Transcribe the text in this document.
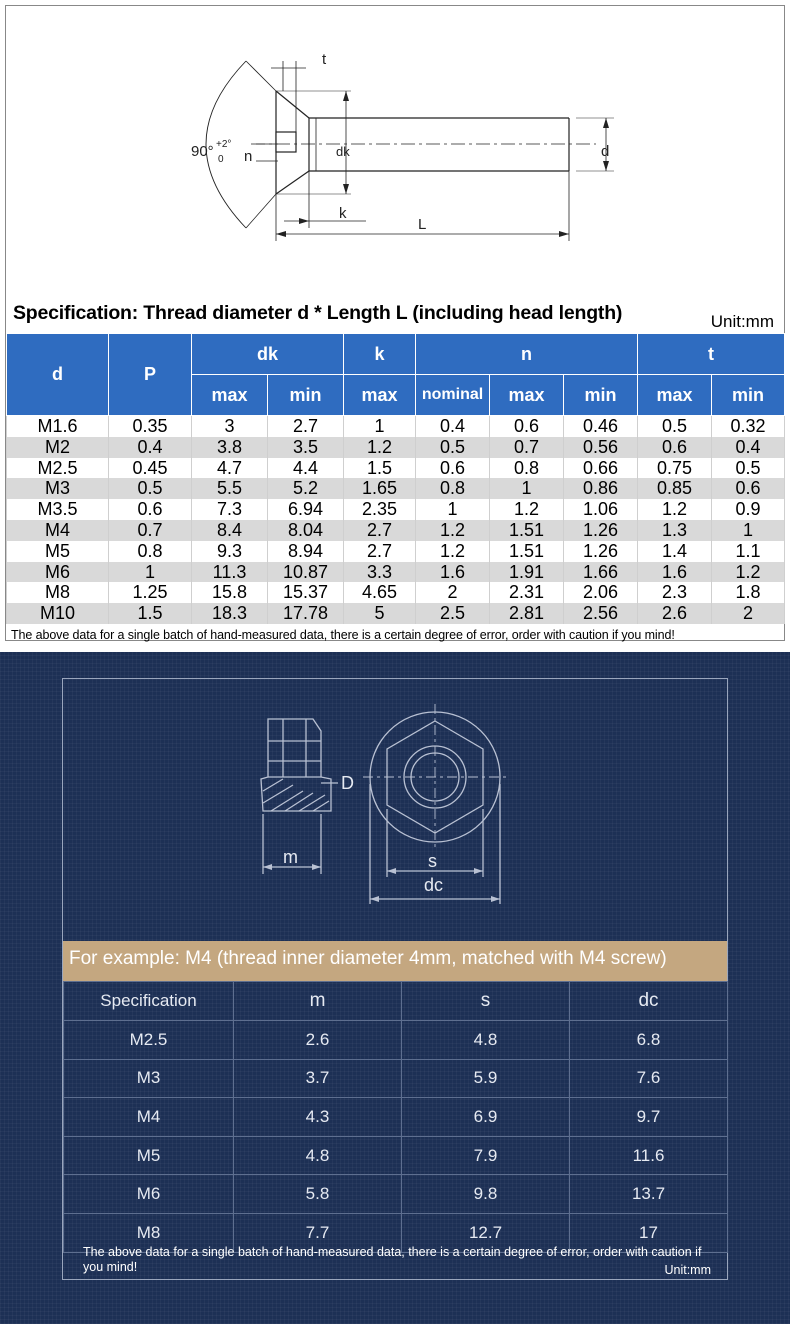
t
90° +2°
0 n	dk	d
k
L
Specification: Thread diameter d * Length L (including head length)	Unit:mm
d	P	dk		k	n			t	
		max	min	max	nominal	max	min	max	min
M1.6	0.35	3	2.7	1	0.4	0.6	0.46	0.5	0.32
M2	0.4	3.8	3.5	1.2	0.5	0.7	0.56	0.6	0.4
M2.5	0.45	4.7	4.4	1.5	0.6	0.8	0.66	0.75	0.5
M3	0.5	5.5	5.2	1.65	0.8	1	0.86	0.85	0.6
M3.5	0.6	7.3	6.94	2.35	1	1.2	1.06	1.2	0.9
M4	0.7	8.4	8.04	2.7	1.2	1.51	1.26	1.3	1
M5	0.8	9.3	8.94	2.7	1.2	1.51	1.26	1.4	1.1
M6	1	11.3	10.87	3.3	1.6	1.91	1.66	1.6	1.2
M8	1.25	15.8	15.37	4.65	2	2.31	2.06	2.3	1.8
M10	1.5	18.3	17.78	5	2.5	2.81	2.56	2.6	2
The above data for a single batch of hand-measured data, there is a certain degree of error, order with caution if you mind!
D
m	s
dc
For example: M4 (thread inner diameter 4mm, matched with M4 screw)
Specification	m	s	dc
M2.5	2.6	4.8	6.8
M3	3.7	5.9	7.6
M4	4.3	6.9	9.7
M5	4.8	7.9	11.6
M6	5.8	9.8	13.7
M8	7.7	12.7	17
The above data for a single batch of hand-measured data, there is a certain degree of error, order with caution if you mind!	Unit:mm
